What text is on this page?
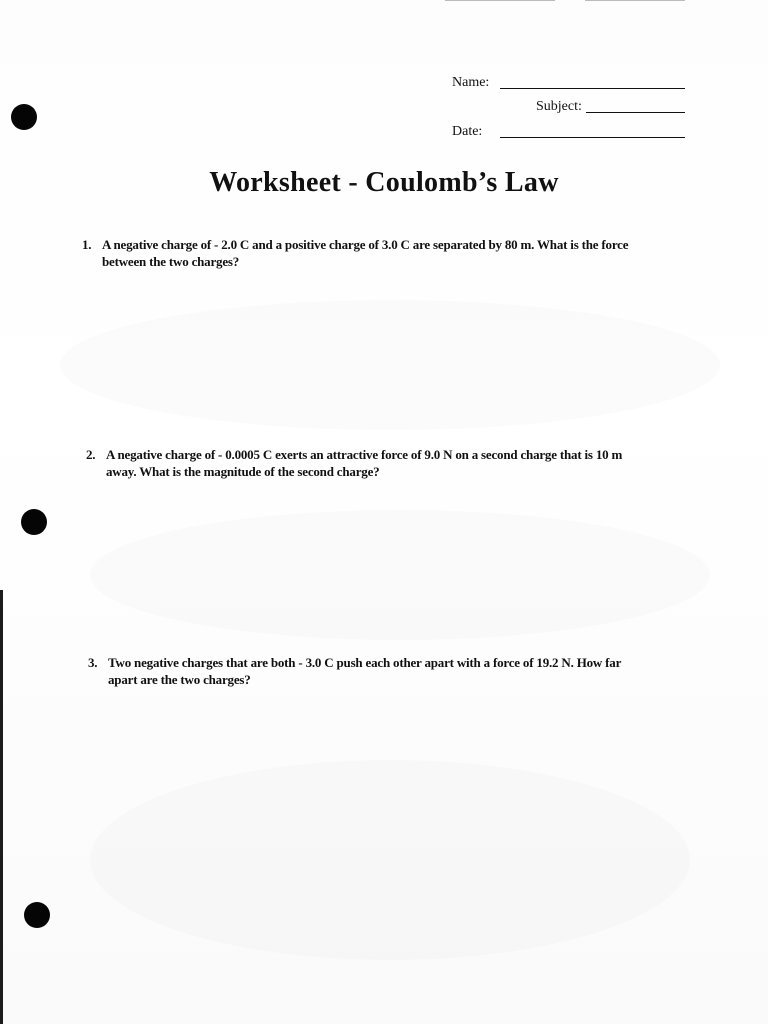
Name:
Subject:
Date:
Worksheet - Coulomb’s Law
1. A negative charge of - 2.0 C and a positive charge of 3.0 C are separated by 80 m. What is the force
between the two charges?
2. A negative charge of - 0.0005 C exerts an attractive force of 9.0 N on a second charge that is 10 m
away. What is the magnitude of the second charge?
3. Two negative charges that are both - 3.0 C push each other apart with a force of 19.2 N. How far
apart are the two charges?
